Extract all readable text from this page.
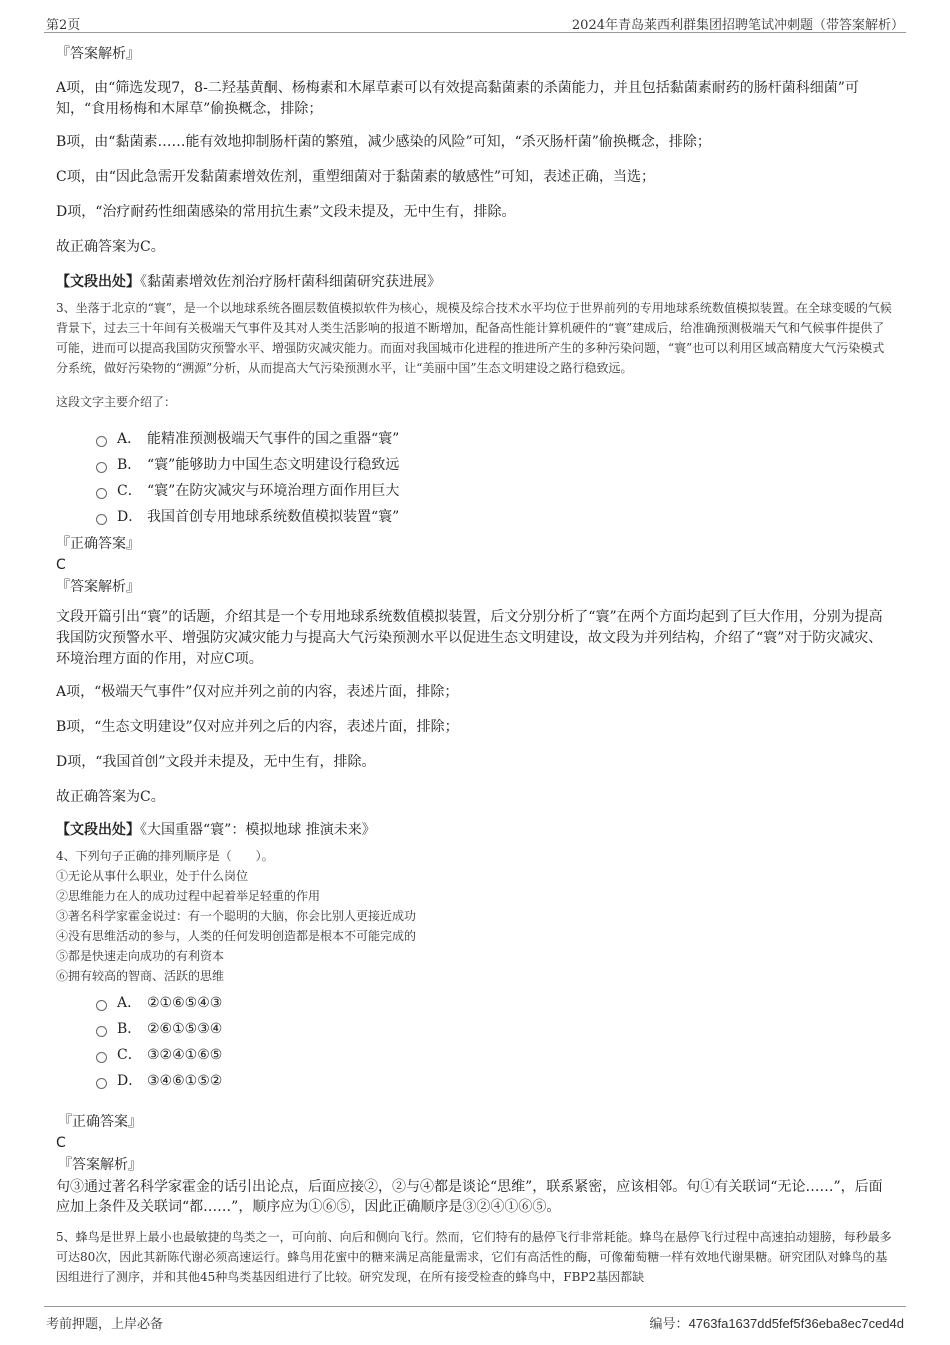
第2页	2024年青岛莱西利群集团招聘笔试冲刺题（带答案解析）
『答案解析』

A项，由“筛选发现7，8-二羟基黄酮、杨梅素和木犀草素可以有效提高黏菌素的杀菌能力，并且包括黏菌素耐药的肠杆菌科细菌”可知，“食用杨梅和木犀草”偷换概念，排除；

B项，由“黏菌素……能有效地抑制肠杆菌的繁殖，减少感染的风险”可知，“杀灭肠杆菌”偷换概念，排除；

C项，由“因此急需开发黏菌素增效佐剂，重塑细菌对于黏菌素的敏感性”可知，表述正确，当选；

D项，“治疗耐药性细菌感染的常用抗生素”文段未提及，无中生有，排除。

故正确答案为C。

【文段出处】《黏菌素增效佐剂治疗肠杆菌科细菌研究获进展》

3、坐落于北京的“寰”，是一个以地球系统各圈层数值模拟软件为核心，规模及综合技术水平均位于世界前列的专用地球系统数值模拟装置。在全球变暖的气候背景下，过去三十年间有关极端天气事件及其对人类生活影响的报道不断增加，配备高性能计算机硬件的“寰”建成后，给准确预测极端天气和气候事件提供了可能，进而可以提高我国防灾预警水平、增强防灾减灾能力。而面对我国城市化进程的推进所产生的多种污染问题，“寰”也可以利用区域高精度大气污染模式分系统，做好污染物的“溯源”分析，从而提高大气污染预测水平，让“美丽中国”生态文明建设之路行稳致远。

这段文字主要介绍了：

A． 能精准预测极端天气事件的国之重器“寰”
B． “寰”能够助力中国生态文明建设行稳致远
C． “寰”在防灾减灾与环境治理方面作用巨大
D． 我国首创专用地球系统数值模拟装置“寰”
『正确答案』
C
『答案解析』

文段开篇引出“寰”的话题，介绍其是一个专用地球系统数值模拟装置，后文分别分析了“寰”在两个方面均起到了巨大作用，分别为提高我国防灾预警水平、增强防灾减灾能力与提高大气污染预测水平以促进生态文明建设，故文段为并列结构，介绍了“寰”对于防灾减灾、环境治理方面的作用，对应C项。

A项，“极端天气事件”仅对应并列之前的内容，表述片面，排除；

B项，“生态文明建设”仅对应并列之后的内容，表述片面，排除；

D项，“我国首创”文段并未提及，无中生有，排除。

故正确答案为C。

【文段出处】《大国重器“寰”：模拟地球 推演未来》

4、下列句子正确的排列顺序是（　　）。

①无论从事什么职业，处于什么岗位

②思维能力在人的成功过程中起着举足轻重的作用

③著名科学家霍金说过：有一个聪明的大脑，你会比别人更接近成功

④没有思维活动的参与，人类的任何发明创造都是根本不可能完成的

⑤都是快速走向成功的有利资本

⑥拥有较高的智商、活跃的思维

A． ②①⑥⑤④③
B． ②⑥①⑤③④
C． ③②④①⑥⑤
D． ③④⑥①⑤②
『正确答案』
C
『答案解析』

句③通过著名科学家霍金的话引出论点，后面应接②，②与④都是谈论“思维”，联系紧密，应该相邻。句①有关联词“无论……”，后面应加上条件及关联词“都……”，顺序应为①⑥⑤，因此正确顺序是③②④①⑥⑤。

5、蜂鸟是世界上最小也最敏捷的鸟类之一，可向前、向后和侧向飞行。然而，它们特有的悬停飞行非常耗能。蜂鸟在悬停飞行过程中高速拍动翅膀，每秒最多可达80次，因此其新陈代谢必须高速运行。蜂鸟用花蜜中的糖来满足高能量需求，它们有高活性的酶，可像葡萄糖一样有效地代谢果糖。研究团队对蜂鸟的基因组进行了测序，并和其他45种鸟类基因组进行了比较。研究发现，在所有接受检查的蜂鸟中，FBP2基因都缺

考前押题，上岸必备	编号：4763fa1637dd5fef5f36eba8ec7ced4d
